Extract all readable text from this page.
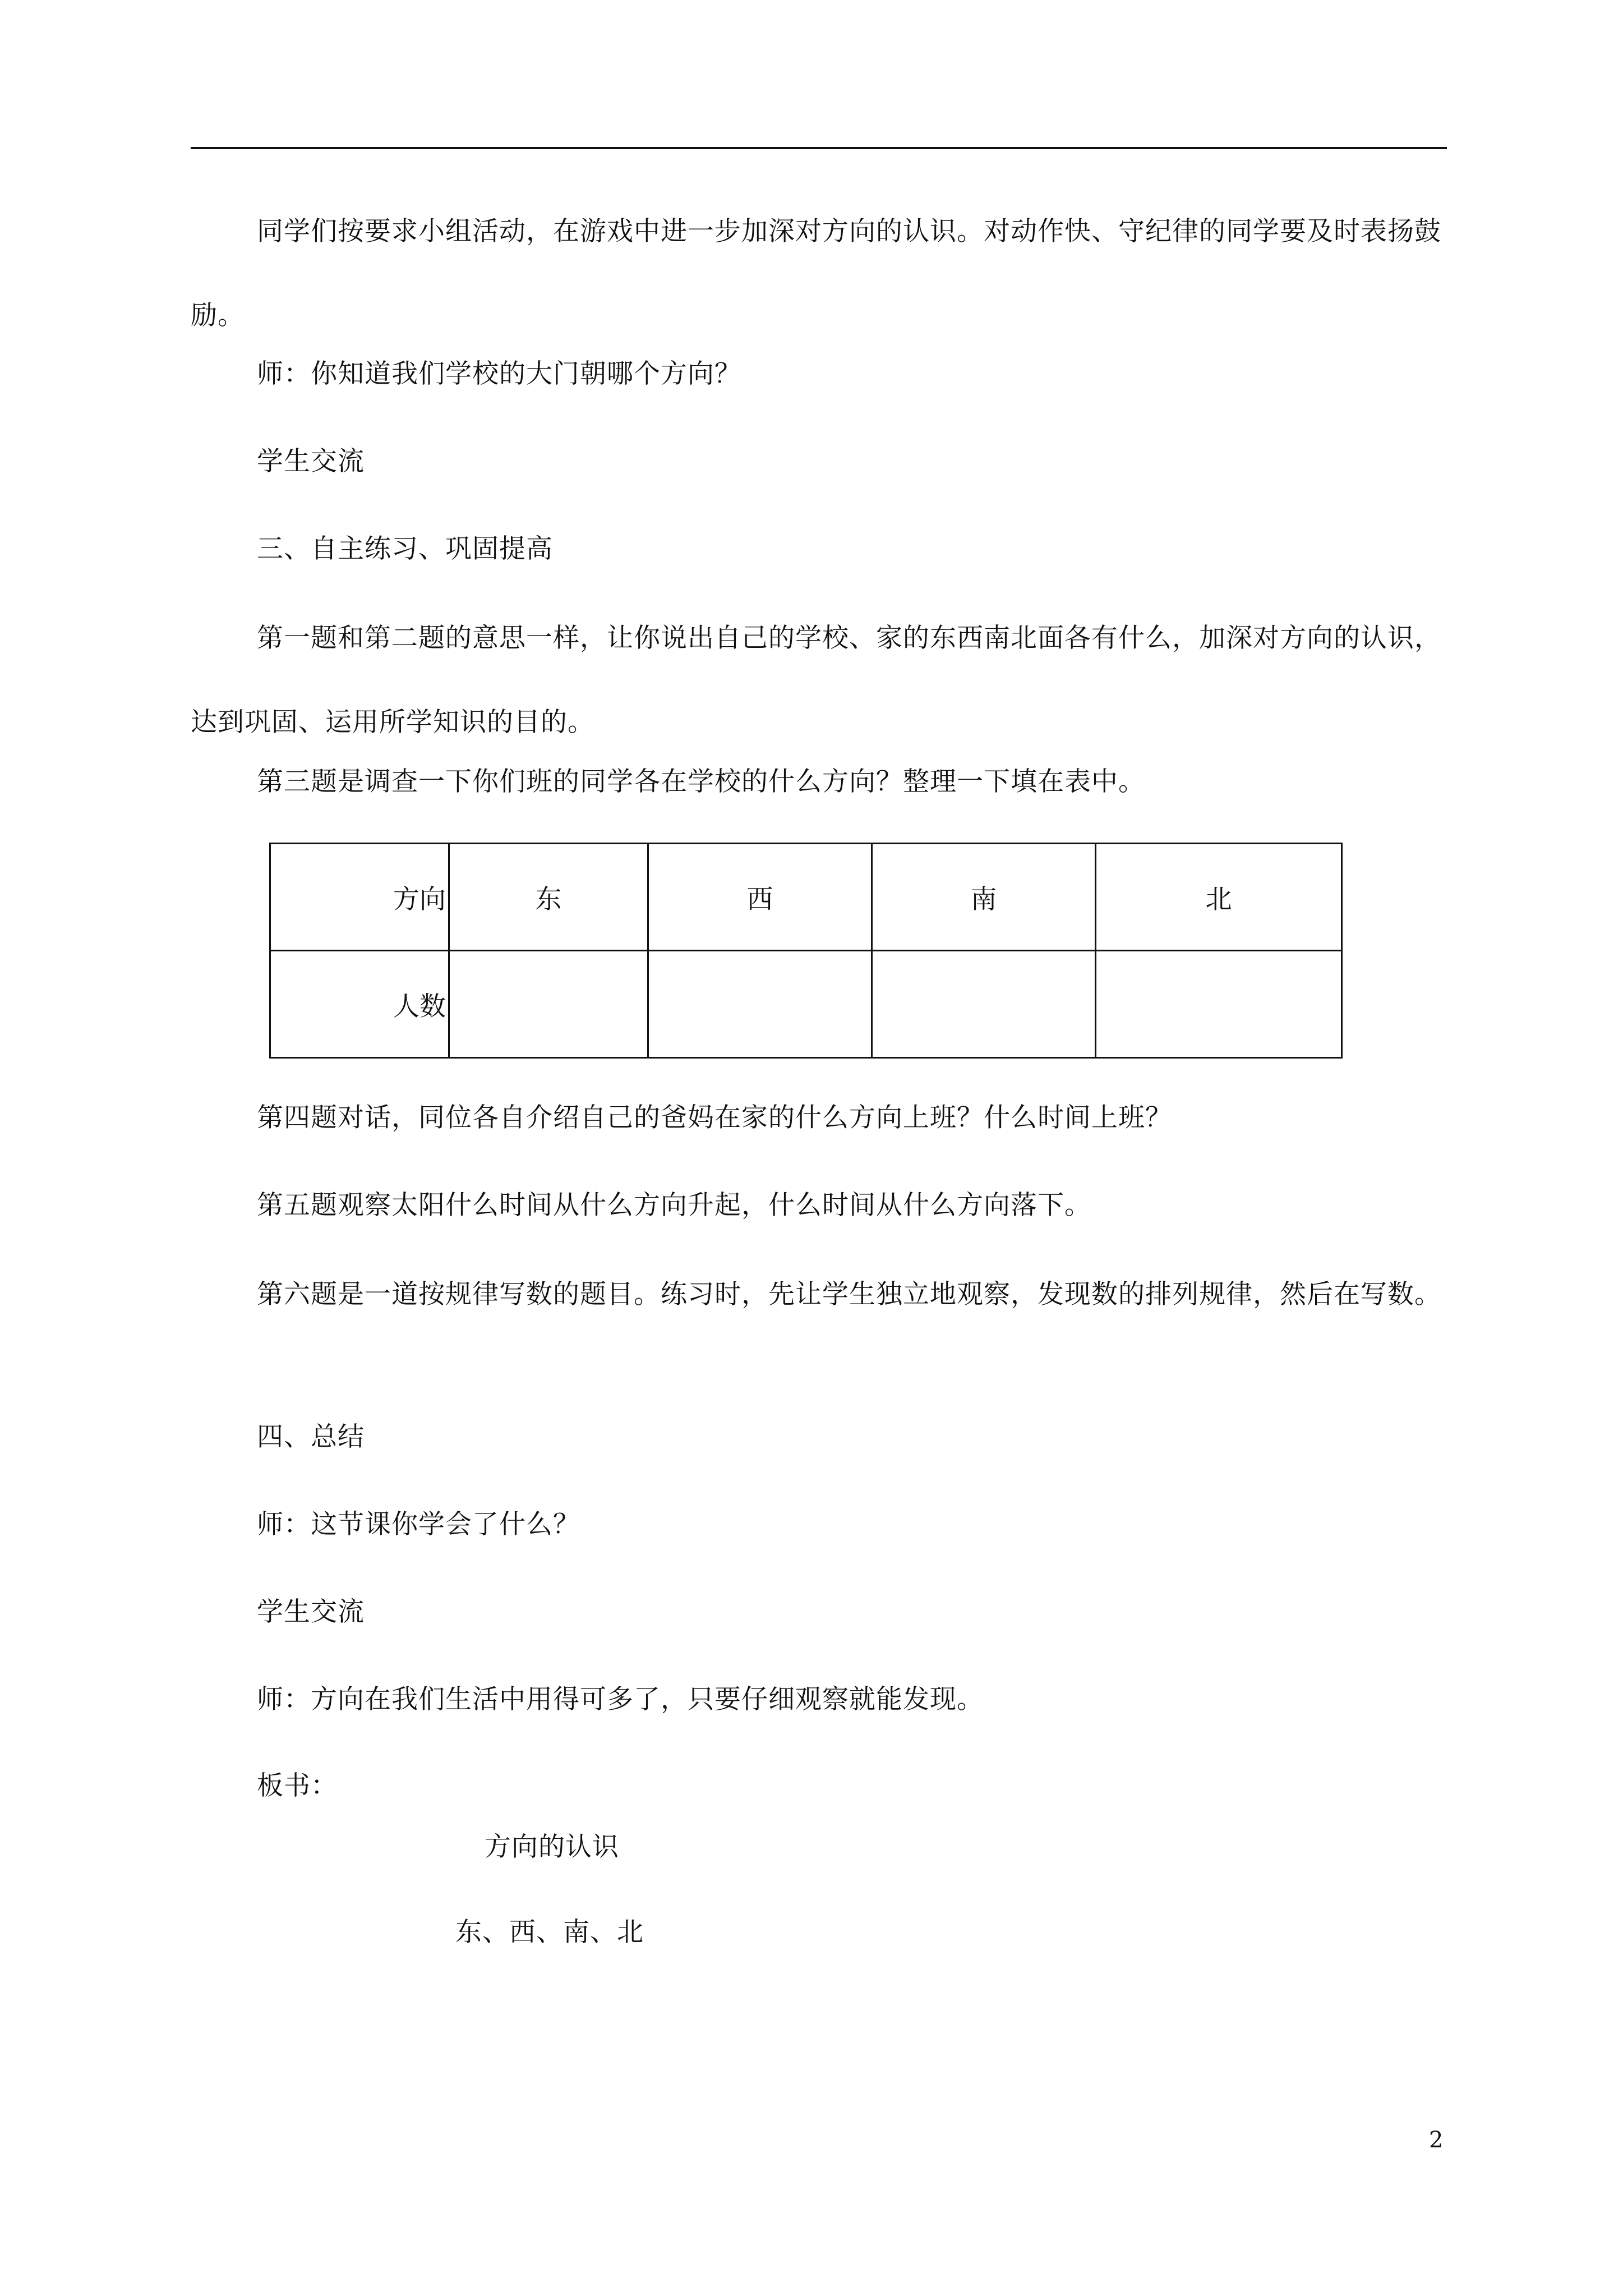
同学们按要求小组活动，在游戏中进一步加深对方向的认识。对动作快、守纪律的同学要及时表扬鼓励。

师：你知道我们学校的大门朝哪个方向？

学生交流

三、自主练习、巩固提高

第一题和第二题的意思一样，让你说出自己的学校、家的东西南北面各有什么，加深对方向的认识，达到巩固、运用所学知识的目的。

第三题是调查一下你们班的同学各在学校的什么方向？整理一下填在表中。

方向	东	西	南	北
人数				

第四题对话，同位各自介绍自己的爸妈在家的什么方向上班？什么时间上班？

第五题观察太阳什么时间从什么方向升起，什么时间从什么方向落下。

第六题是一道按规律写数的题目。练习时，先让学生独立地观察，发现数的排列规律，然后在写数。

四、总结

师：这节课你学会了什么？

学生交流

师：方向在我们生活中用得可多了，只要仔细观察就能发现。

板书：

方向的认识

东、西、南、北

2
